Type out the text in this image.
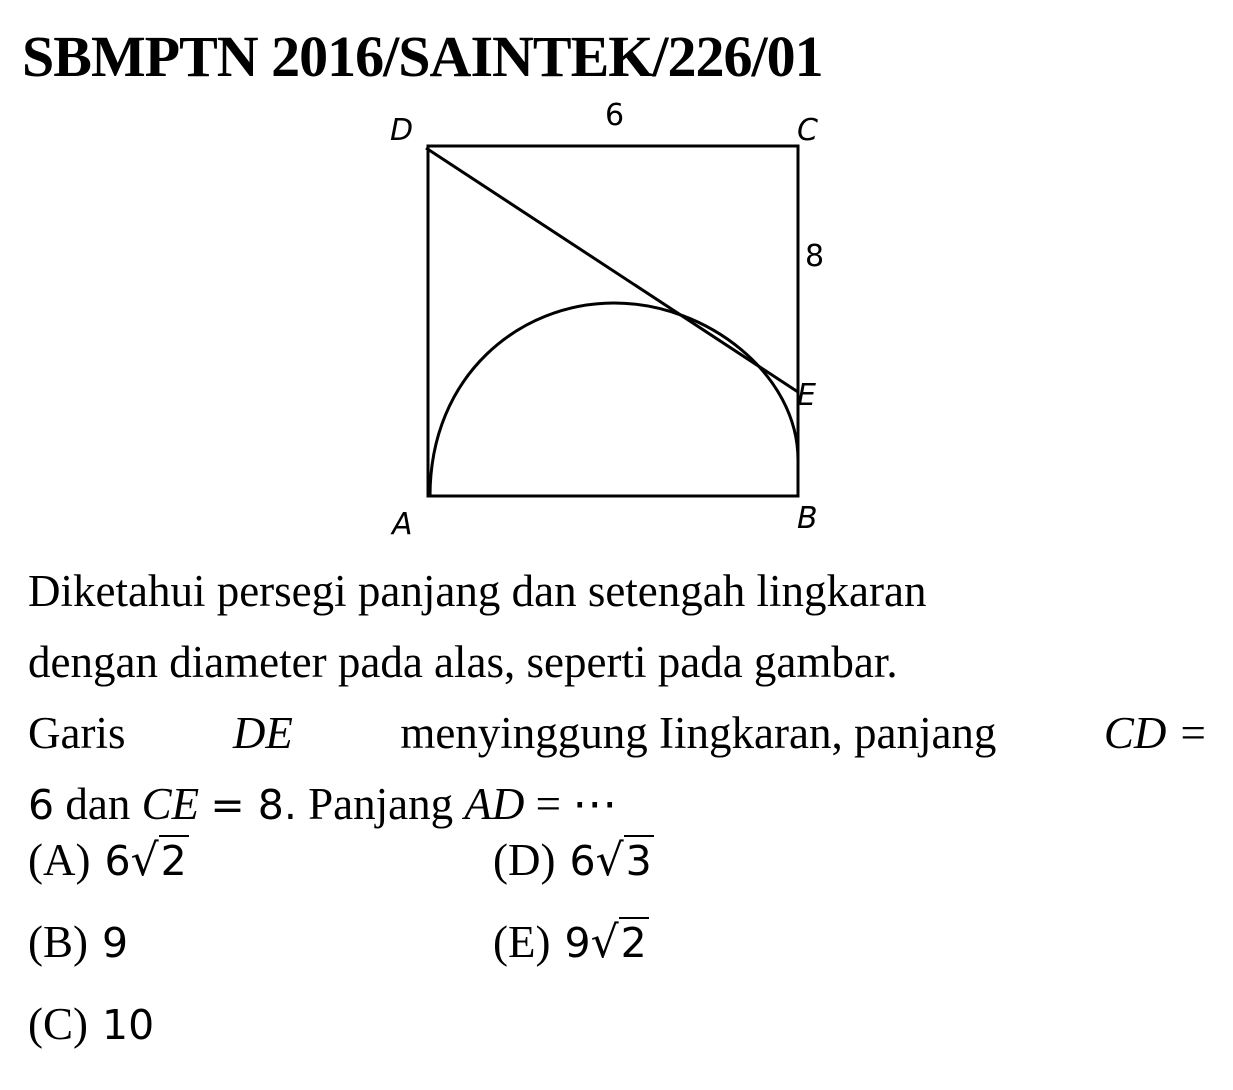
SBMPTN 2016/SAINTEK/226/01
D	C
6
8
E
A	B
Diketahui persegi panjang dan setengah lingkaran
dengan diameter pada alas, seperti pada gambar.
Garis DE menyinggung Iingkaran, panjang CD =
6 dan CE = 8. Panjang AD = ⋯
(A) 6√2
(B) 9
(C) 10
(D) 6√3
(E) 9√2
